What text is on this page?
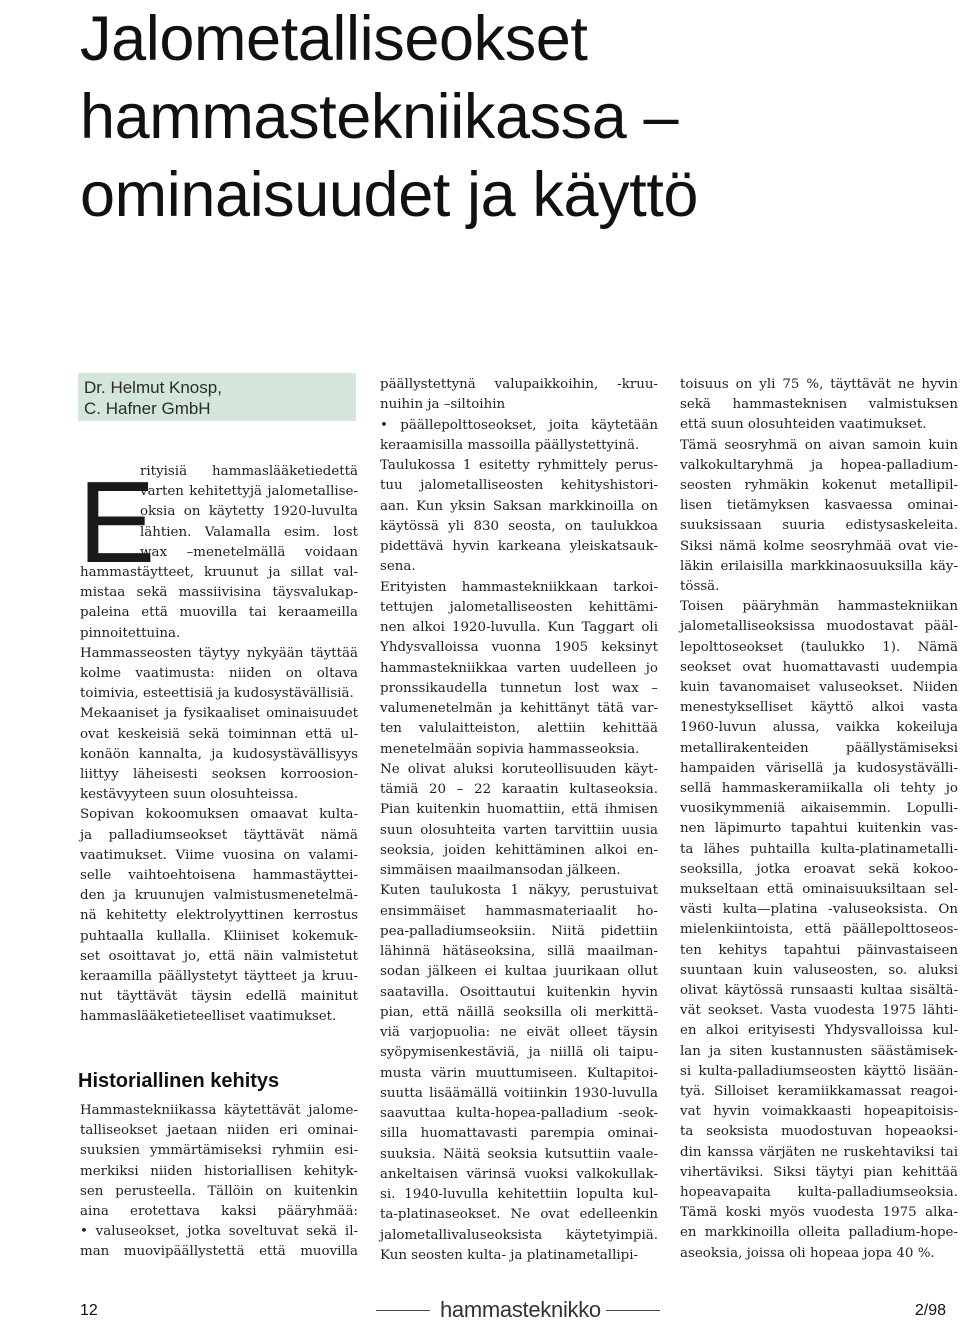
Jalometalliseokset
hammastekniikassa –
ominaisuudet ja käyttö
Dr. Helmut Knosp,
C. Hafner GmbH
E
rityisiä hammaslääketiedettä
varten kehitettyjä jalometallise-
oksia on käytetty 1920-luvulta
lähtien. Valamalla esim. lost
wax –menetelmällä voidaan
hammastäytteet, kruunut ja sillat val-
mistaa sekä massiivisina täysvalukap-
paleina että muovilla tai keraameilla
pinnoitettuina.
Hammasseosten täytyy nykyään täyttää
kolme vaatimusta: niiden on oltava
toimivia, esteettisiä ja kudosystävällisiä.
Mekaaniset ja fysikaaliset ominaisuudet
ovat keskeisiä sekä toiminnan että ul-
konäön kannalta, ja kudosystävällisyys
liittyy läheisesti seoksen korroosion-
kestävyyteen suun olosuhteissa.
Sopivan kokoomuksen omaavat kulta-
ja palladiumseokset täyttävät nämä
vaatimukset. Viime vuosina on valami-
selle vaihtoehtoisena hammastäyttei-
den ja kruunujen valmistusmenetelmä-
nä kehitetty elektrolyyttinen kerrostus
puhtaalla kullalla. Kliiniset kokemuk-
set osoittavat jo, että näin valmistetut
keraamilla päällystetyt täytteet ja kruu-
nut täyttävät täysin edellä mainitut
hammaslääketieteelliset vaatimukset.
Hammastekniikassa käytettävät jalome-
talliseokset jaetaan niiden eri ominai-
suuksien ymmärtämiseksi ryhmiin esi-
merkiksi niiden historiallisen kehityk-
sen perusteella. Tällöin on kuitenkin
aina erotettava kaksi pääryhmää:
• valuseokset, jotka soveltuvat sekä il-
man muovipäällystettä että muovilla
päällystettynä valupaikkoihin, -kruu-
nuihin ja –siltoihin
• päällepolttoseokset, joita käytetään
keraamisilla massoilla päällystettyinä.
Taulukossa 1 esitetty ryhmittely perus-
tuu jalometalliseosten kehityshistori-
aan. Kun yksin Saksan markkinoilla on
käytössä yli 830 seosta, on taulukkoa
pidettävä hyvin karkeana yleiskatsauk-
sena.
Erityisten hammastekniikkaan tarkoi-
tettujen jalometalliseosten kehittämi-
nen alkoi 1920-luvulla. Kun Taggart oli
Yhdysvalloissa vuonna 1905 keksinyt
hammastekniikkaa varten uudelleen jo
pronssikaudella tunnetun lost wax –
valumenetelmän ja kehittänyt tätä var-
ten valulaitteiston, alettiin kehittää
menetelmään sopivia hammasseoksia.
Ne olivat aluksi koruteollisuuden käyt-
tämiä 20 – 22 karaatin kultaseoksia.
Pian kuitenkin huomattiin, että ihmisen
suun olosuhteita varten tarvittiin uusia
seoksia, joiden kehittäminen alkoi en-
simmäisen maailmansodan jälkeen.
Kuten taulukosta 1 näkyy, perustuivat
ensimmäiset hammasmateriaalit ho-
pea-palladiumseoksiin. Niitä pidettiin
lähinnä hätäseoksina, sillä maailman-
sodan jälkeen ei kultaa juurikaan ollut
saatavilla. Osoittautui kuitenkin hyvin
pian, että näillä seoksilla oli merkittä-
viä varjopuolia: ne eivät olleet täysin
syöpymisenkestäviä, ja niillä oli taipu-
musta värin muuttumiseen. Kultapitoi-
suutta lisäämällä voitiinkin 1930-luvulla
saavuttaa kulta-hopea-palladium -seok-
silla huomattavasti parempia ominai-
suuksia. Näitä seoksia kutsuttiin vaale-
ankeltaisen värinsä vuoksi valkokullak-
si. 1940-luvulla kehitettiin lopulta kul-
ta-platinaseokset. Ne ovat edelleenkin
jalometallivaluseoksista käytetyimpiä.
Kun seosten kulta- ja platinametallipi-
toisuus on yli 75 %, täyttävät ne hyvin
sekä hammasteknisen valmistuksen
että suun olosuhteiden vaatimukset.
Tämä seosryhmä on aivan samoin kuin
valkokultaryhmä ja hopea-palladium-
seosten ryhmäkin kokenut metallipil-
lisen tietämyksen kasvaessa ominai-
suuksissaan suuria edistysaskeleita.
Siksi nämä kolme seosryhmää ovat vie-
läkin erilaisilla markkinaosuuksilla käy-
tössä.
Toisen pääryhmän hammastekniikan
jalometalliseoksissa muodostavat pääl-
lepolttoseokset (taulukko 1). Nämä
seokset ovat huomattavasti uudempia
kuin tavanomaiset valuseokset. Niiden
menestykselliset käyttö alkoi vasta
1960-luvun alussa, vaikka kokeiluja
metallirakenteiden päällystämiseksi
hampaiden värisellä ja kudosystävälli-
sellä hammaskeramiikalla oli tehty jo
vuosikymmeniä aikaisemmin. Lopulli-
nen läpimurto tapahtui kuitenkin vas-
ta lähes puhtailla kulta-platinametalli-
seoksilla, jotka eroavat sekä kokoo-
mukseltaan että ominaisuuksiltaan sel-
västi kulta—platina -valuseoksista. On
mielenkiintoista, että päällepolttoseos-
ten kehitys tapahtui päinvastaiseen
suuntaan kuin valuseosten, so. aluksi
olivat käytössä runsaasti kultaa sisältä-
vät seokset. Vasta vuodesta 1975 lähti-
en alkoi erityisesti Yhdysvalloissa kul-
lan ja siten kustannusten säästämisek-
si kulta-palladiumseosten käyttö lisään-
tyä. Silloiset keramiikkamassat reagoi-
vat hyvin voimakkaasti hopeapitoisis-
ta seoksista muodostuvan hopeaoksi-
din kanssa värjäten ne ruskehtaviksi tai
vihertäviksi. Siksi täytyi pian kehittää
hopeavapaita kulta-palladiumseoksia.
Tämä koski myös vuodesta 1975 alka-
en markkinoilla olleita palladium-hope-
aseoksia, joissa oli hopeaa jopa 40 %.
Historiallinen kehitys
12	hammasteknikko	2/98
